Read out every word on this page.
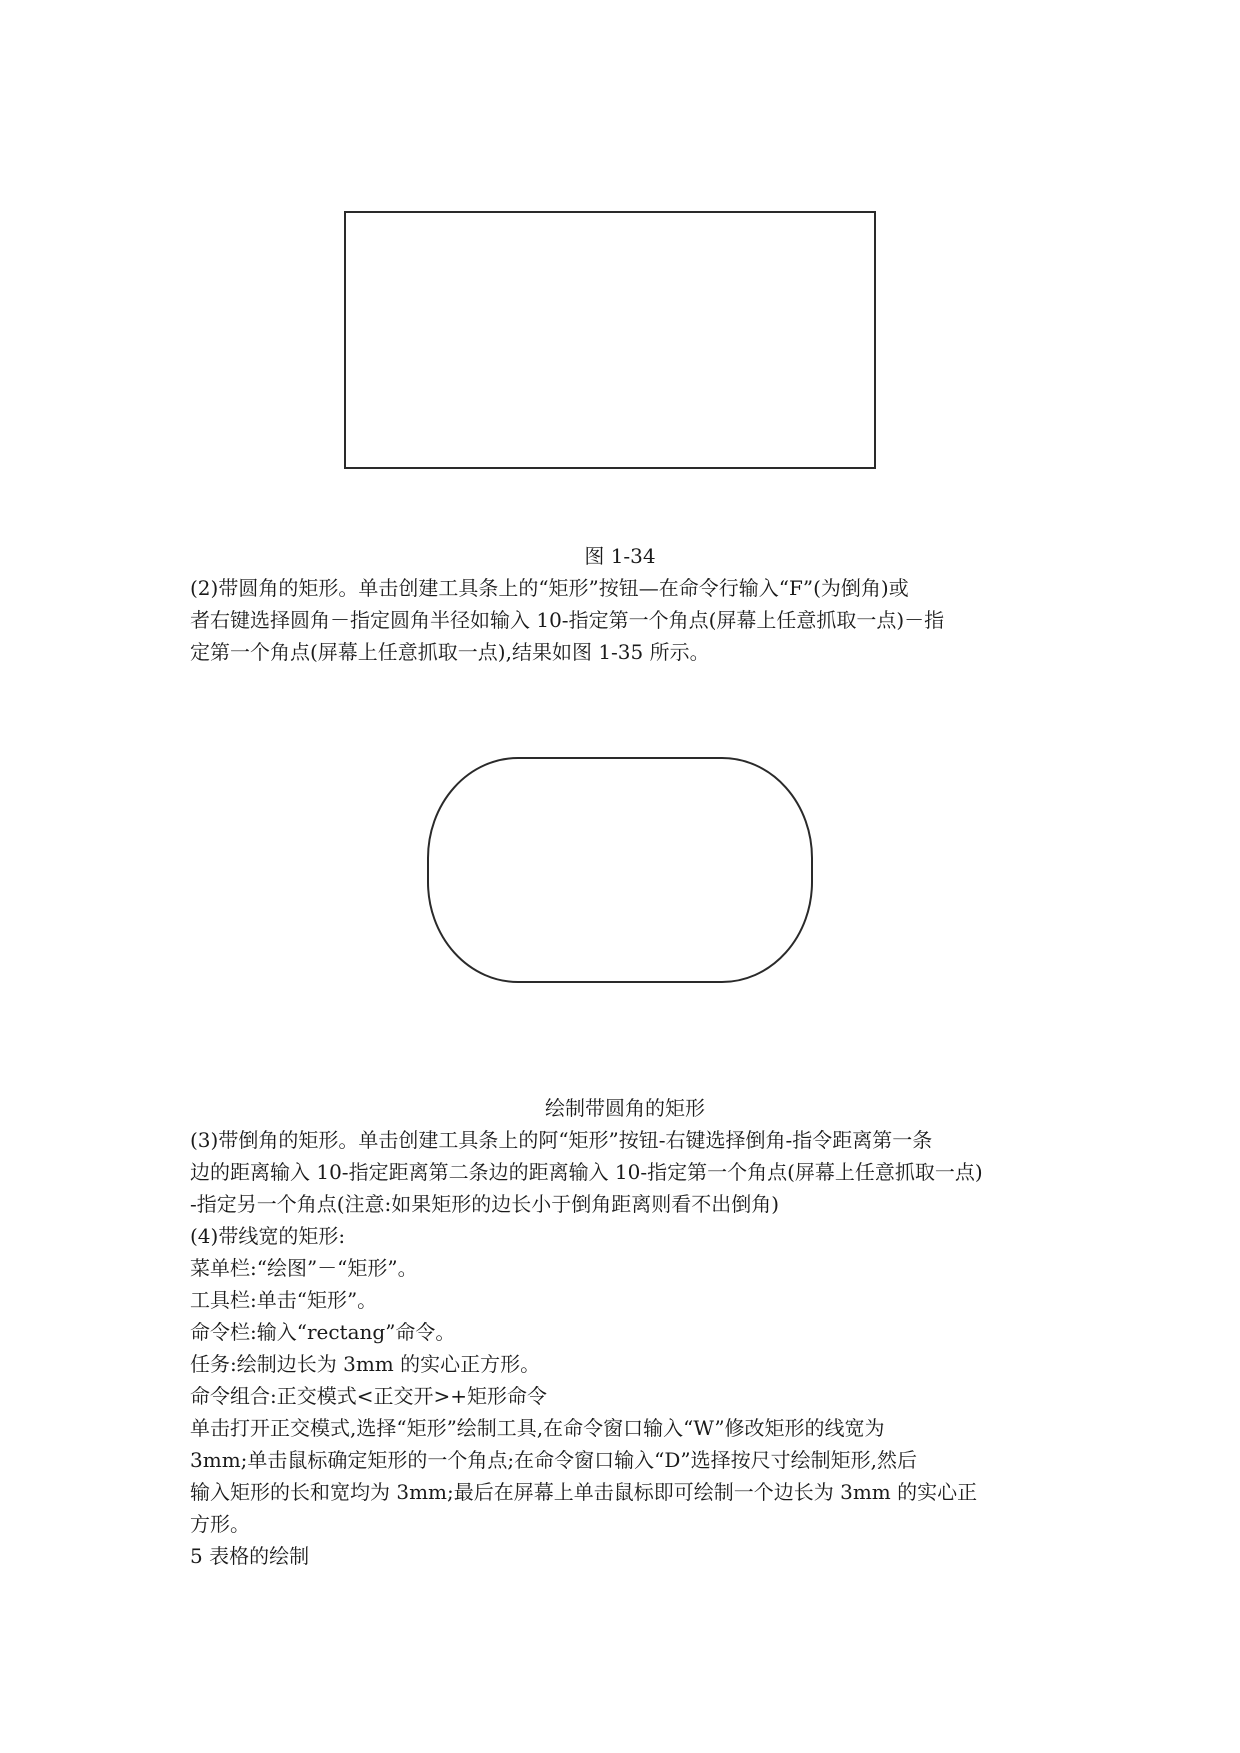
图 1-34
(2)带圆角的矩形。单击创建工具条上的“矩形”按钮—在命令行输入“F”(为倒角)或
者右键选择圆角－指定圆角半径如输入 10-指定第一个角点(屏幕上任意抓取一点)－指
定第一个角点(屏幕上任意抓取一点),结果如图 1-35 所示。
绘制带圆角的矩形
(3)带倒角的矩形。单击创建工具条上的阿“矩形”按钮-右键选择倒角-指令距离第一条
边的距离输入 10-指定距离第二条边的距离输入 10-指定第一个角点(屏幕上任意抓取一点)
-指定另一个角点(注意:如果矩形的边长小于倒角距离则看不出倒角)
(4)带线宽的矩形:
菜单栏:“绘图”－“矩形”。
工具栏:单击“矩形”。
命令栏:输入“rectang”命令。
任务:绘制边长为 3mm 的实心正方形。
命令组合:正交模式<正交开>+矩形命令
单击打开正交模式,选择“矩形”绘制工具,在命令窗口输入“W”修改矩形的线宽为
3mm;单击鼠标确定矩形的一个角点;在命令窗口输入“D”选择按尺寸绘制矩形,然后
输入矩形的长和宽均为 3mm;最后在屏幕上单击鼠标即可绘制一个边长为 3mm 的实心正
方形。
5 表格的绘制
